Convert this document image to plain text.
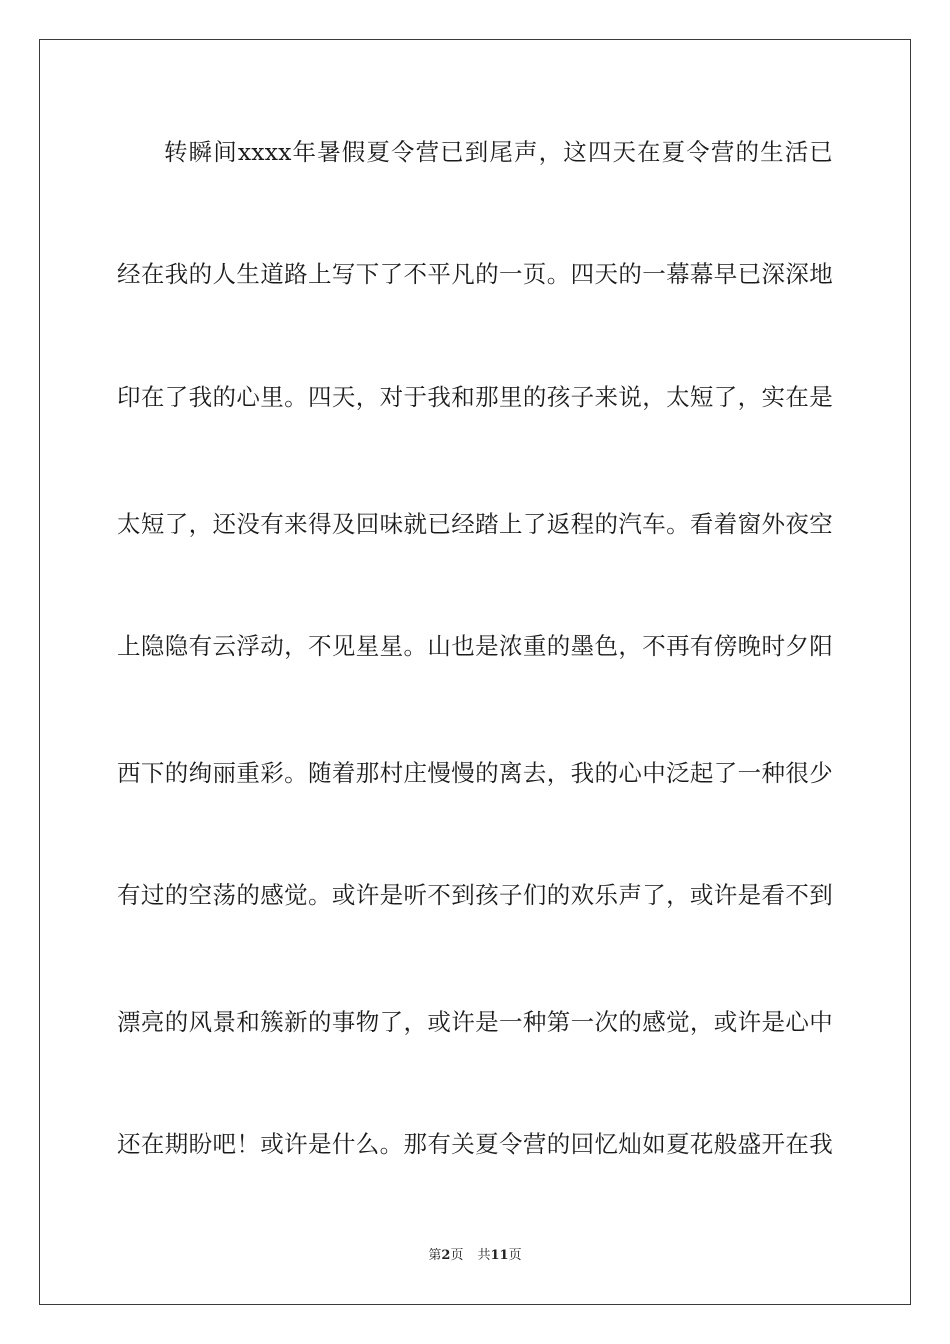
转瞬间xxxx年暑假夏令营已到尾声，这四天在夏令营的生活已
经在我的人生道路上写下了不平凡的一页。四天的一幕幕早已深深地
印在了我的心里。四天，对于我和那里的孩子来说，太短了，实在是
太短了，还没有来得及回味就已经踏上了返程的汽车。看着窗外夜空
上隐隐有云浮动，不见星星。山也是浓重的墨色，不再有傍晚时夕阳
西下的绚丽重彩。随着那村庄慢慢的离去，我的心中泛起了一种很少
有过的空荡的感觉。或许是听不到孩子们的欢乐声了，或许是看不到
漂亮的风景和簇新的事物了，或许是一种第一次的感觉，或许是心中
还在期盼吧！或许是什么。那有关夏令营的回忆灿如夏花般盛开在我
第2页 共11页
